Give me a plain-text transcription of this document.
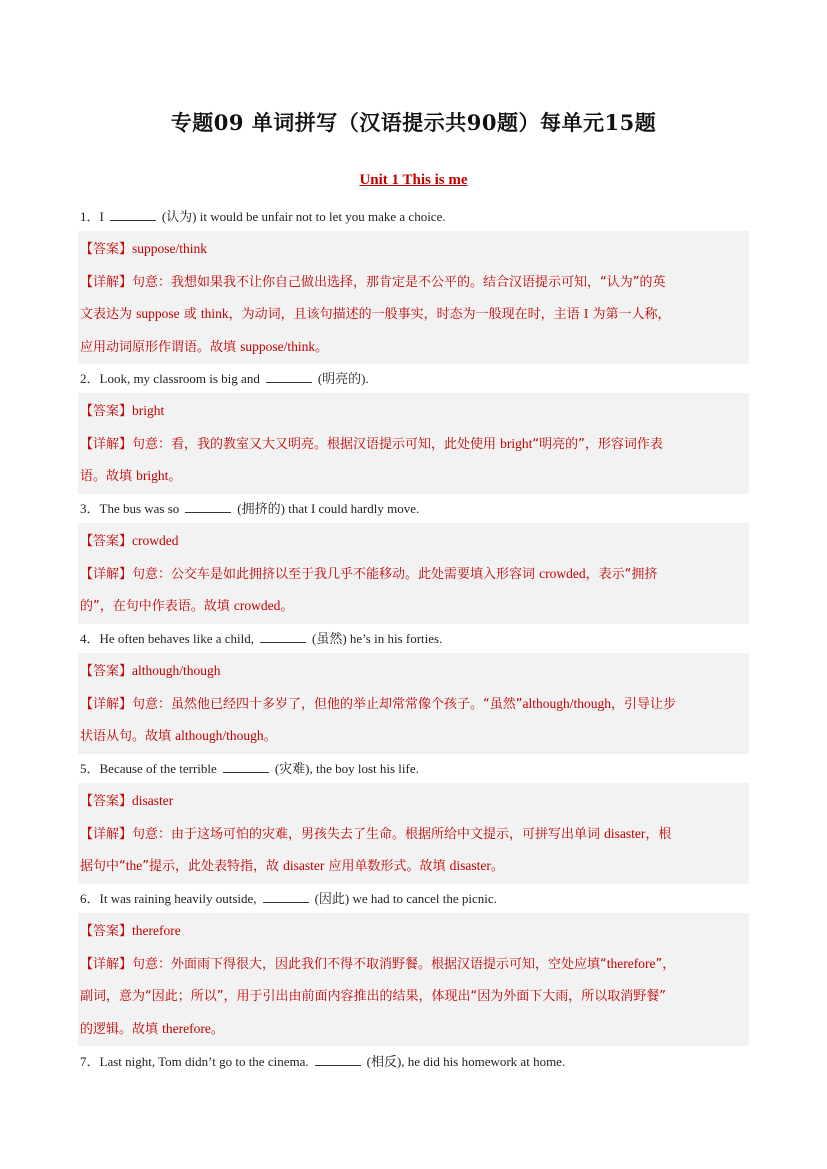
专题09 单词拼写（汉语提示共90题）每单元15题
Unit 1 This is me
1．I	(认为) it would be unfair not to let you make a choice.
【答案】suppose/think
【详解】句意：我想如果我不让你自己做出选择，那肯定是不公平的。结合汉语提示可知，“认为”的英
文表达为 suppose 或 think，为动词，且该句描述的一般事实，时态为一般现在时，主语 I 为第一人称，
应用动词原形作谓语。故填 suppose/think。
2．Look, my classroom is big and	(明亮的).
【答案】bright
【详解】句意：看，我的教室又大又明亮。根据汉语提示可知，此处使用 bright“明亮的”，形容词作表
语。故填 bright。
3．The bus was so	(拥挤的) that I could hardly move.
【答案】crowded
【详解】句意：公交车是如此拥挤以至于我几乎不能移动。此处需要填入形容词 crowded，表示“拥挤
的”，在句中作表语。故填 crowded。
4．He often behaves like a child,	(虽然) he’s in his forties.
【答案】although/though
【详解】句意：虽然他已经四十多岁了，但他的举止却常常像个孩子。“虽然”although/though，引导让步
状语从句。故填 although/though。
5．Because of the terrible	(灾难), the boy lost his life.
【答案】disaster
【详解】句意：由于这场可怕的灾难，男孩失去了生命。根据所给中文提示，可拼写出单词 disaster，根
据句中“the”提示，此处表特指，故 disaster 应用单数形式。故填 disaster。
6．It was raining heavily outside,	(因此) we had to cancel the picnic.
【答案】therefore
【详解】句意：外面雨下得很大，因此我们不得不取消野餐。根据汉语提示可知，空处应填“therefore”，
副词，意为“因此；所以”，用于引出由前面内容推出的结果，体现出“因为外面下大雨，所以取消野餐”
的逻辑。故填 therefore。
7．Last night, Tom didn’t go to the cinema.	(相反), he did his homework at home.
